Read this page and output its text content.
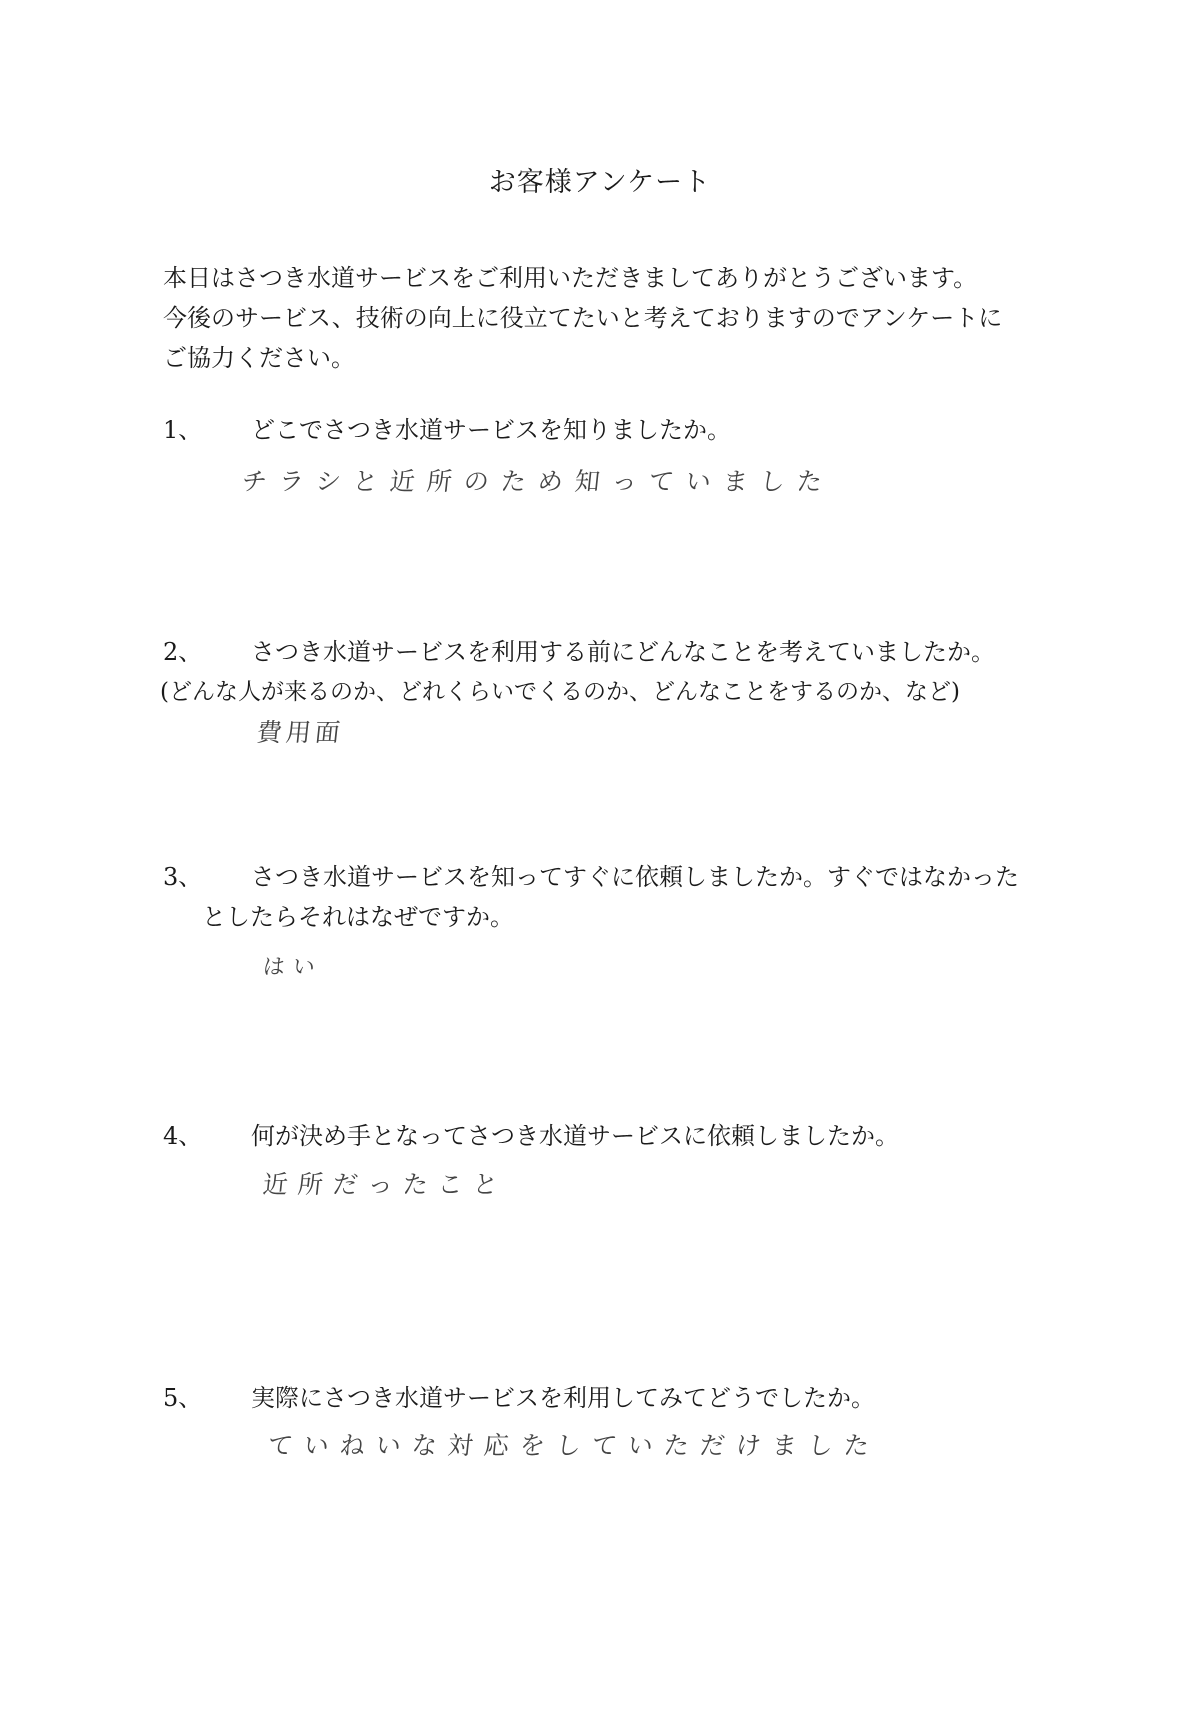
お客様アンケート
本日はさつき水道サービスをご利用いただきましてありがとうございます。
今後のサービス、技術の向上に役立てたいと考えておりますのでアンケートに
ご協力ください。
1、 どこでさつき水道サービスを知りましたか。
チラシと近所のため知っていました
2、 さつき水道サービスを利用する前にどんなことを考えていましたか。
(どんな人が来るのか、どれくらいでくるのか、どんなことをするのか、など)
費用面
3、 さつき水道サービスを知ってすぐに依頼しましたか。すぐではなかった
としたらそれはなぜですか。
はい
4、 何が決め手となってさつき水道サービスに依頼しましたか。
近所だったこと
5、 実際にさつき水道サービスを利用してみてどうでしたか。
ていねいな対応をしていただけました
